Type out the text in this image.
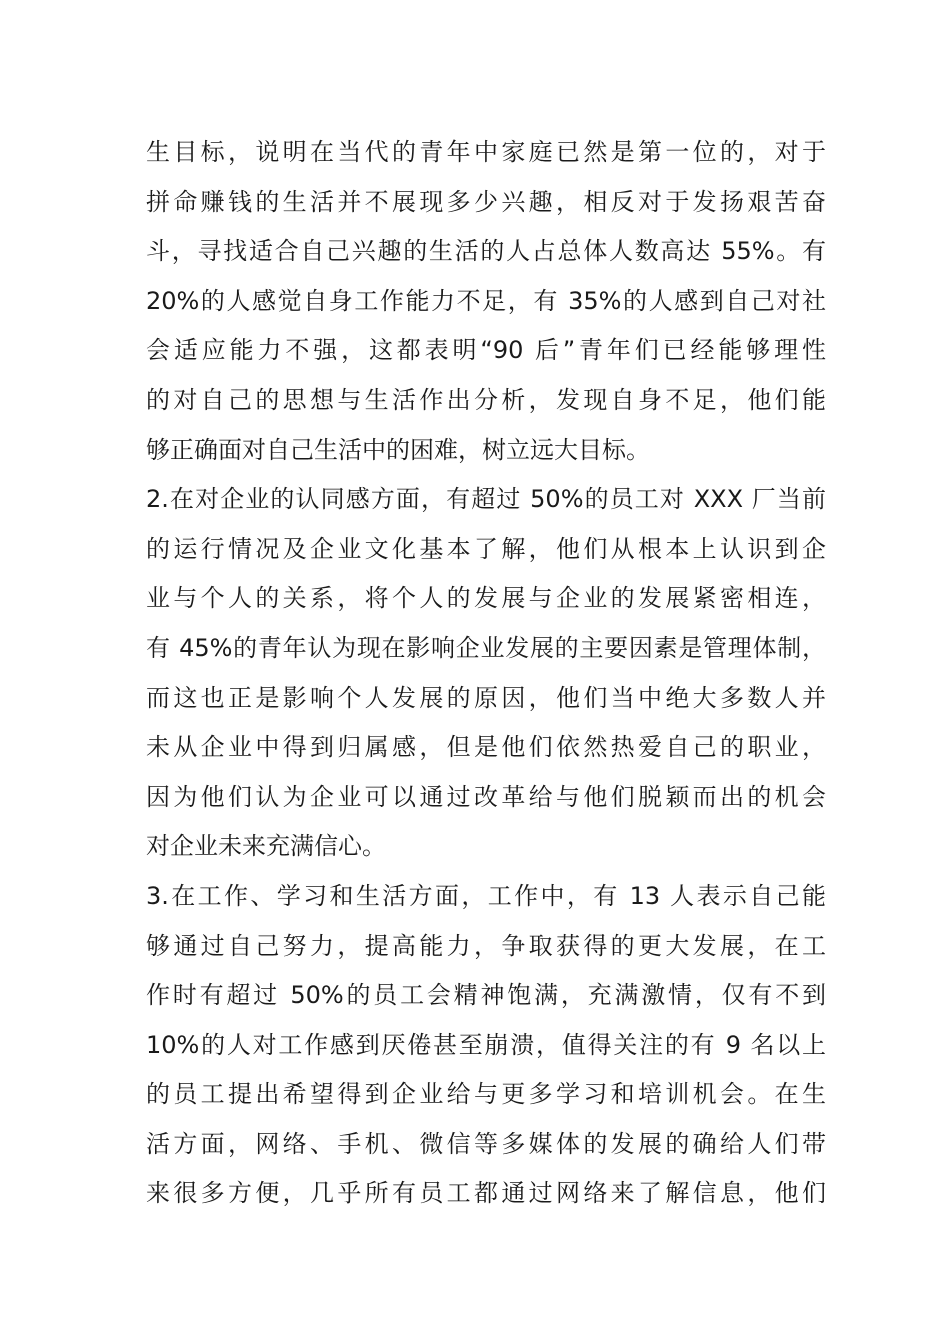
生目标，说明在当代的青年中家庭已然是第一位的，对于
拼命赚钱的生活并不展现多少兴趣，相反对于发扬艰苦奋
斗，寻找适合自己兴趣的生活的人占总体人数高达 55%。有
20%的人感觉自身工作能力不足，有 35%的人感到自己对社
会适应能力不强，这都表明“90 后”青年们已经能够理性
的对自己的思想与生活作出分析，发现自身不足，他们能
够正确面对自己生活中的困难，树立远大目标。
2.在对企业的认同感方面，有超过 50%的员工对 XXX 厂当前
的运行情况及企业文化基本了解，他们从根本上认识到企
业与个人的关系，将个人的发展与企业的发展紧密相连，
有 45%的青年认为现在影响企业发展的主要因素是管理体制，
而这也正是影响个人发展的原因，他们当中绝大多数人并
未从企业中得到归属感，但是他们依然热爱自己的职业，
因为他们认为企业可以通过改革给与他们脱颖而出的机会
对企业未来充满信心。
3.在工作、学习和生活方面，工作中，有 13 人表示自己能
够通过自己努力，提高能力，争取获得的更大发展，在工
作时有超过 50%的员工会精神饱满，充满激情，仅有不到
10%的人对工作感到厌倦甚至崩溃，值得关注的有 9 名以上
的员工提出希望得到企业给与更多学习和培训机会。在生
活方面，网络、手机、微信等多媒体的发展的确给人们带
来很多方便，几乎所有员工都通过网络来了解信息，他们
